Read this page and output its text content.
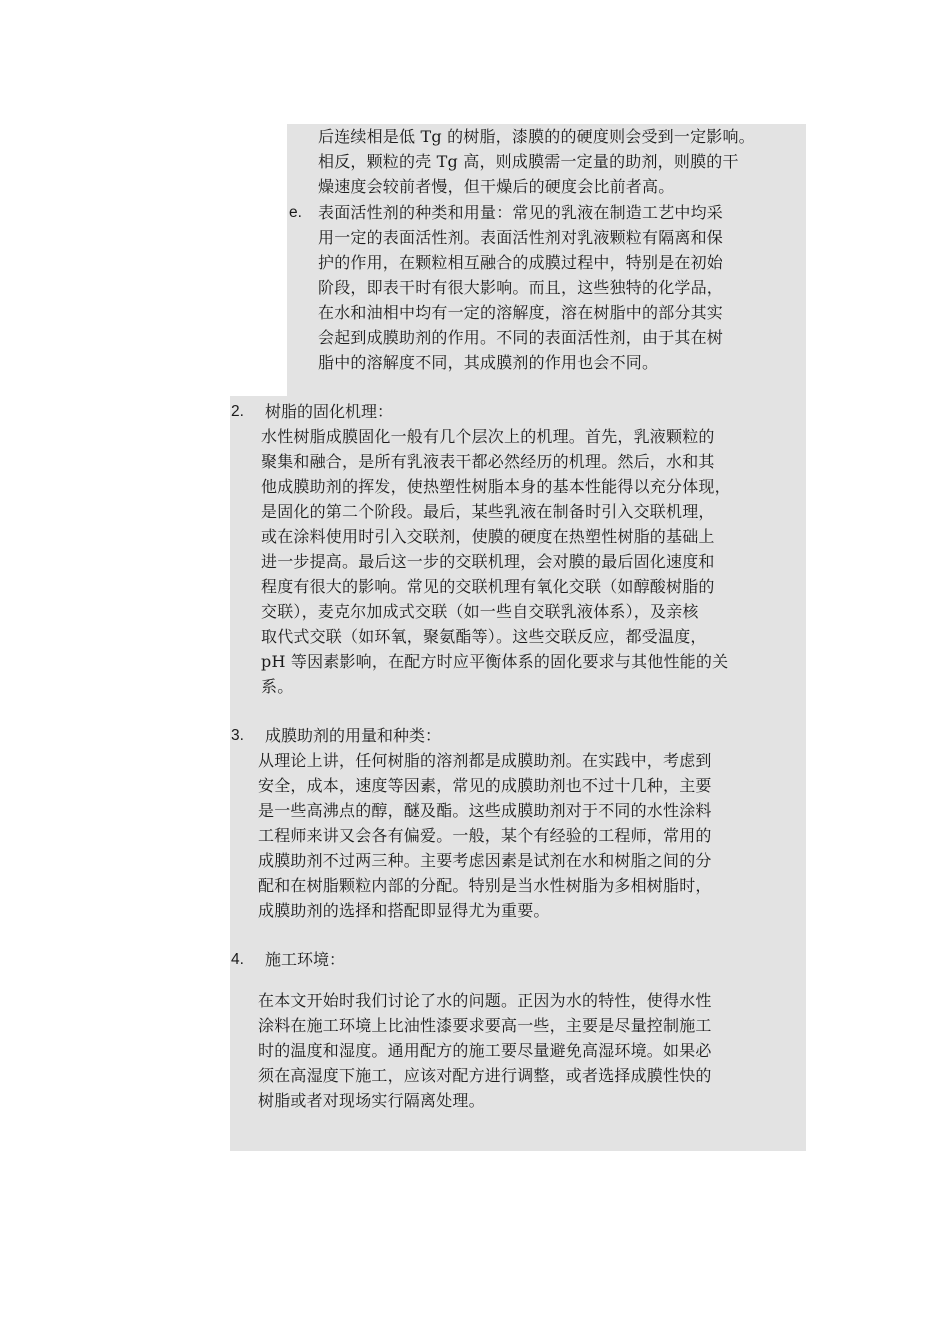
后连续相是低 Tg 的树脂，漆膜的的硬度则会受到一定影响。

相反，颗粒的壳 Tg 高，则成膜需一定量的助剂，则膜的干

燥速度会较前者慢，但干燥后的硬度会比前者高。

e. 表面活性剂的种类和用量：常见的乳液在制造工艺中均采

用一定的表面活性剂。表面活性剂对乳液颗粒有隔离和保

护的作用，在颗粒相互融合的成膜过程中，特别是在初始

阶段，即表干时有很大影响。而且，这些独特的化学品，

在水和油相中均有一定的溶解度，溶在树脂中的部分其实

会起到成膜助剂的作用。不同的表面活性剂，由于其在树

脂中的溶解度不同，其成膜剂的作用也会不同。

2. 树脂的固化机理：

水性树脂成膜固化一般有几个层次上的机理。首先，乳液颗粒的

聚集和融合，是所有乳液表干都必然经历的机理。然后，水和其

他成膜助剂的挥发，使热塑性树脂本身的基本性能得以充分体现，

是固化的第二个阶段。最后，某些乳液在制备时引入交联机理，

或在涂料使用时引入交联剂，使膜的硬度在热塑性树脂的基础上

进一步提高。最后这一步的交联机理，会对膜的最后固化速度和

程度有很大的影响。常见的交联机理有氧化交联（如醇酸树脂的

交联），麦克尔加成式交联（如一些自交联乳液体系），及亲核

取代式交联（如环氧，聚氨酯等）。这些交联反应，都受温度，

pH 等因素影响，在配方时应平衡体系的固化要求与其他性能的关

系。

3. 成膜助剂的用量和种类：

从理论上讲，任何树脂的溶剂都是成膜助剂。在实践中，考虑到

安全，成本，速度等因素，常见的成膜助剂也不过十几种，主要

是一些高沸点的醇，醚及酯。这些成膜助剂对于不同的水性涂料

工程师来讲又会各有偏爱。一般，某个有经验的工程师，常用的

成膜助剂不过两三种。主要考虑因素是试剂在水和树脂之间的分

配和在树脂颗粒内部的分配。特别是当水性树脂为多相树脂时，

成膜助剂的选择和搭配即显得尤为重要。

4. 施工环境：

在本文开始时我们讨论了水的问题。正因为水的特性，使得水性

涂料在施工环境上比油性漆要求要高一些，主要是尽量控制施工

时的温度和湿度。通用配方的施工要尽量避免高湿环境。如果必

须在高湿度下施工，应该对配方进行调整，或者选择成膜性快的

树脂或者对现场实行隔离处理。
